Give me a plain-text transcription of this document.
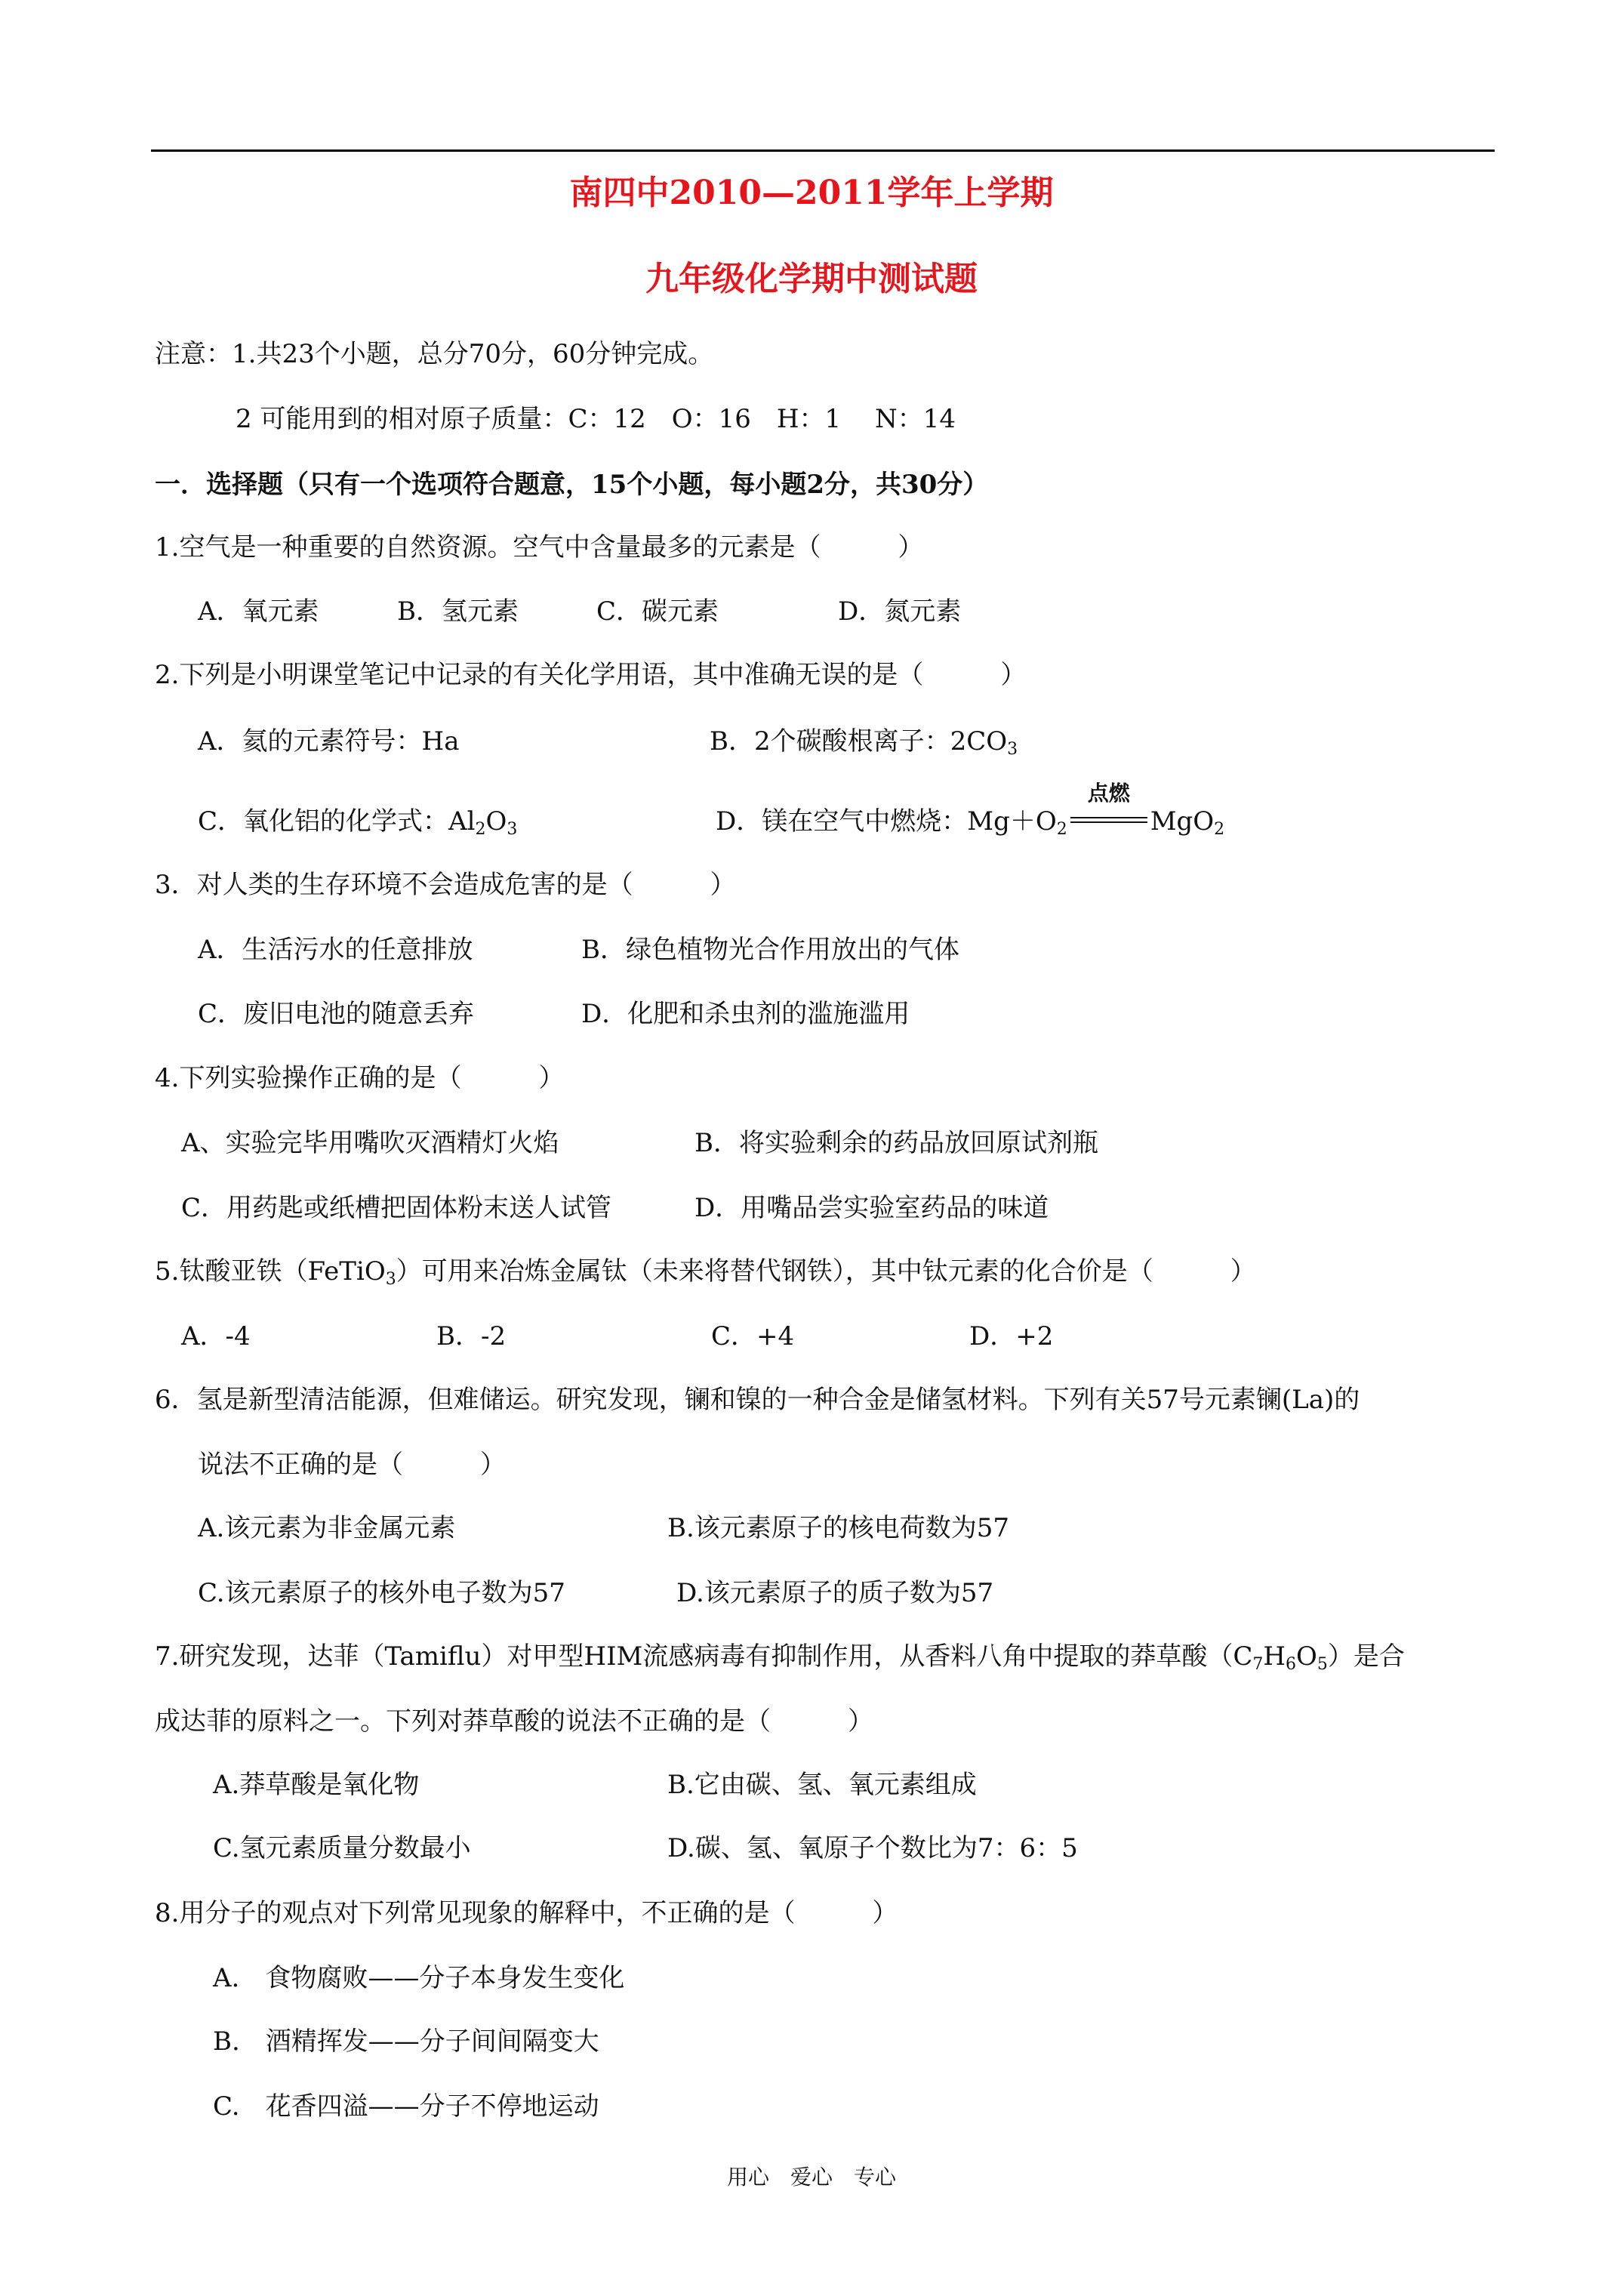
南四中2010—2011学年上学期
九年级化学期中测试题
注意：1.共23个小题，总分70分，60分钟完成。
2 可能用到的相对原子质量：C：12　O：16　H：1　 N：14
一．选择题（只有一个选项符合题意，15个小题，每小题2分，共30分）
1.空气是一种重要的自然资源。空气中含量最多的元素是（　　　）
A．氧元素	B．氢元素	C．碳元素	D．氮元素
2.下列是小明课堂笔记中记录的有关化学用语，其中准确无误的是（　　　）
A．氦的元素符号：Ha	B．2个碳酸根离子：$2CO_3$
C．氧化铝的化学式：$Al_2O_3$	D．镁在空气中燃烧：$Mg+O_2$
点燃
MgO$_2$
3．对人类的生存环境不会造成危害的是（　　　）
A．生活污水的任意排放	B．绿色植物光合作用放出的气体
C．废旧电池的随意丢弃	D．化肥和杀虫剂的滥施滥用
4.下列实验操作正确的是（　　　）
A、实验完毕用嘴吹灭酒精灯火焰	B．将实验剩余的药品放回原试剂瓶
C．用药匙或纸槽把固体粉末送人试管	D．用嘴品尝实验室药品的味道
5.钛酸亚铁（FeTiO$_3$）可用来冶炼金属钛（未来将替代钢铁），其中钛元素的化合价是（　　　）
A．-4	B．-2	C．+4	D．+2
6．氢是新型清洁能源，但难储运。研究发现，镧和镍的一种合金是储氢材料。下列有关57号元素镧(La)的
说法不正确的是（　　　）
A.该元素为非金属元素	B.该元素原子的核电荷数为57
C.该元素原子的核外电子数为57	D.该元素原子的质子数为57
7.研究发现，达菲（Tamiflu）对甲型HIM流感病毒有抑制作用，从香料八角中提取的莽草酸$(C_7H_6O_5)$是合
成达菲的原料之一。下列对莽草酸的说法不正确的是（　　　）
A.莽草酸是氧化物	B.它由碳、氢、氧元素组成
C.氢元素质量分数最小	D.碳、氢、氧原子个数比为7：6：5
8.用分子的观点对下列常见现象的解释中，不正确的是（　　　）
A.　食物腐败——分子本身发生变化
B.　酒精挥发——分子间间隔变大
C.　花香四溢——分子不停地运动
用心　爱心　专心
